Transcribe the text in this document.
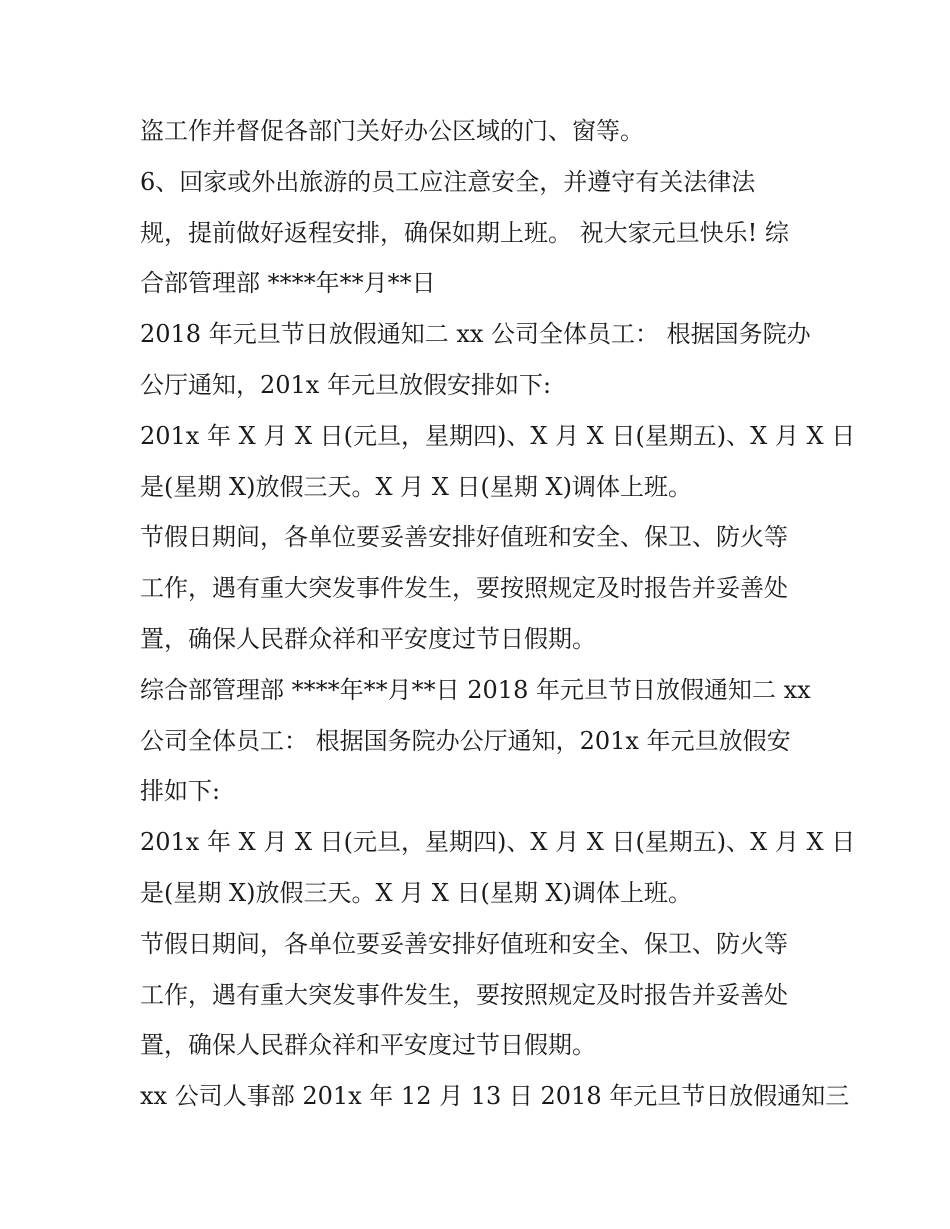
盗工作并督促各部门关好办公区域的门、窗等。
6、回家或外出旅游的员工应注意安全，并遵守有关法律法
规，提前做好返程安排，确保如期上班。 祝大家元旦快乐! 综
合部管理部 ****年**月**日
2018 年元旦节日放假通知二 xx 公司全体员工： 根据国务院办
公厅通知，201x 年元旦放假安排如下:
201x 年 X 月 X 日(元旦，星期四)、X 月 X 日(星期五)、X 月 X 日
是(星期 X)放假三天。X 月 X 日(星期 X)调体上班。
节假日期间，各单位要妥善安排好值班和安全、保卫、防火等
工作，遇有重大突发事件发生，要按照规定及时报告并妥善处
置，确保人民群众祥和平安度过节日假期。
综合部管理部 ****年**月**日 2018 年元旦节日放假通知二 xx
公司全体员工： 根据国务院办公厅通知，201x 年元旦放假安
排如下:
201x 年 X 月 X 日(元旦，星期四)、X 月 X 日(星期五)、X 月 X 日
是(星期 X)放假三天。X 月 X 日(星期 X)调体上班。
节假日期间，各单位要妥善安排好值班和安全、保卫、防火等
工作，遇有重大突发事件发生，要按照规定及时报告并妥善处
置，确保人民群众祥和平安度过节日假期。
xx 公司人事部 201x 年 12 月 13 日 2018 年元旦节日放假通知三
